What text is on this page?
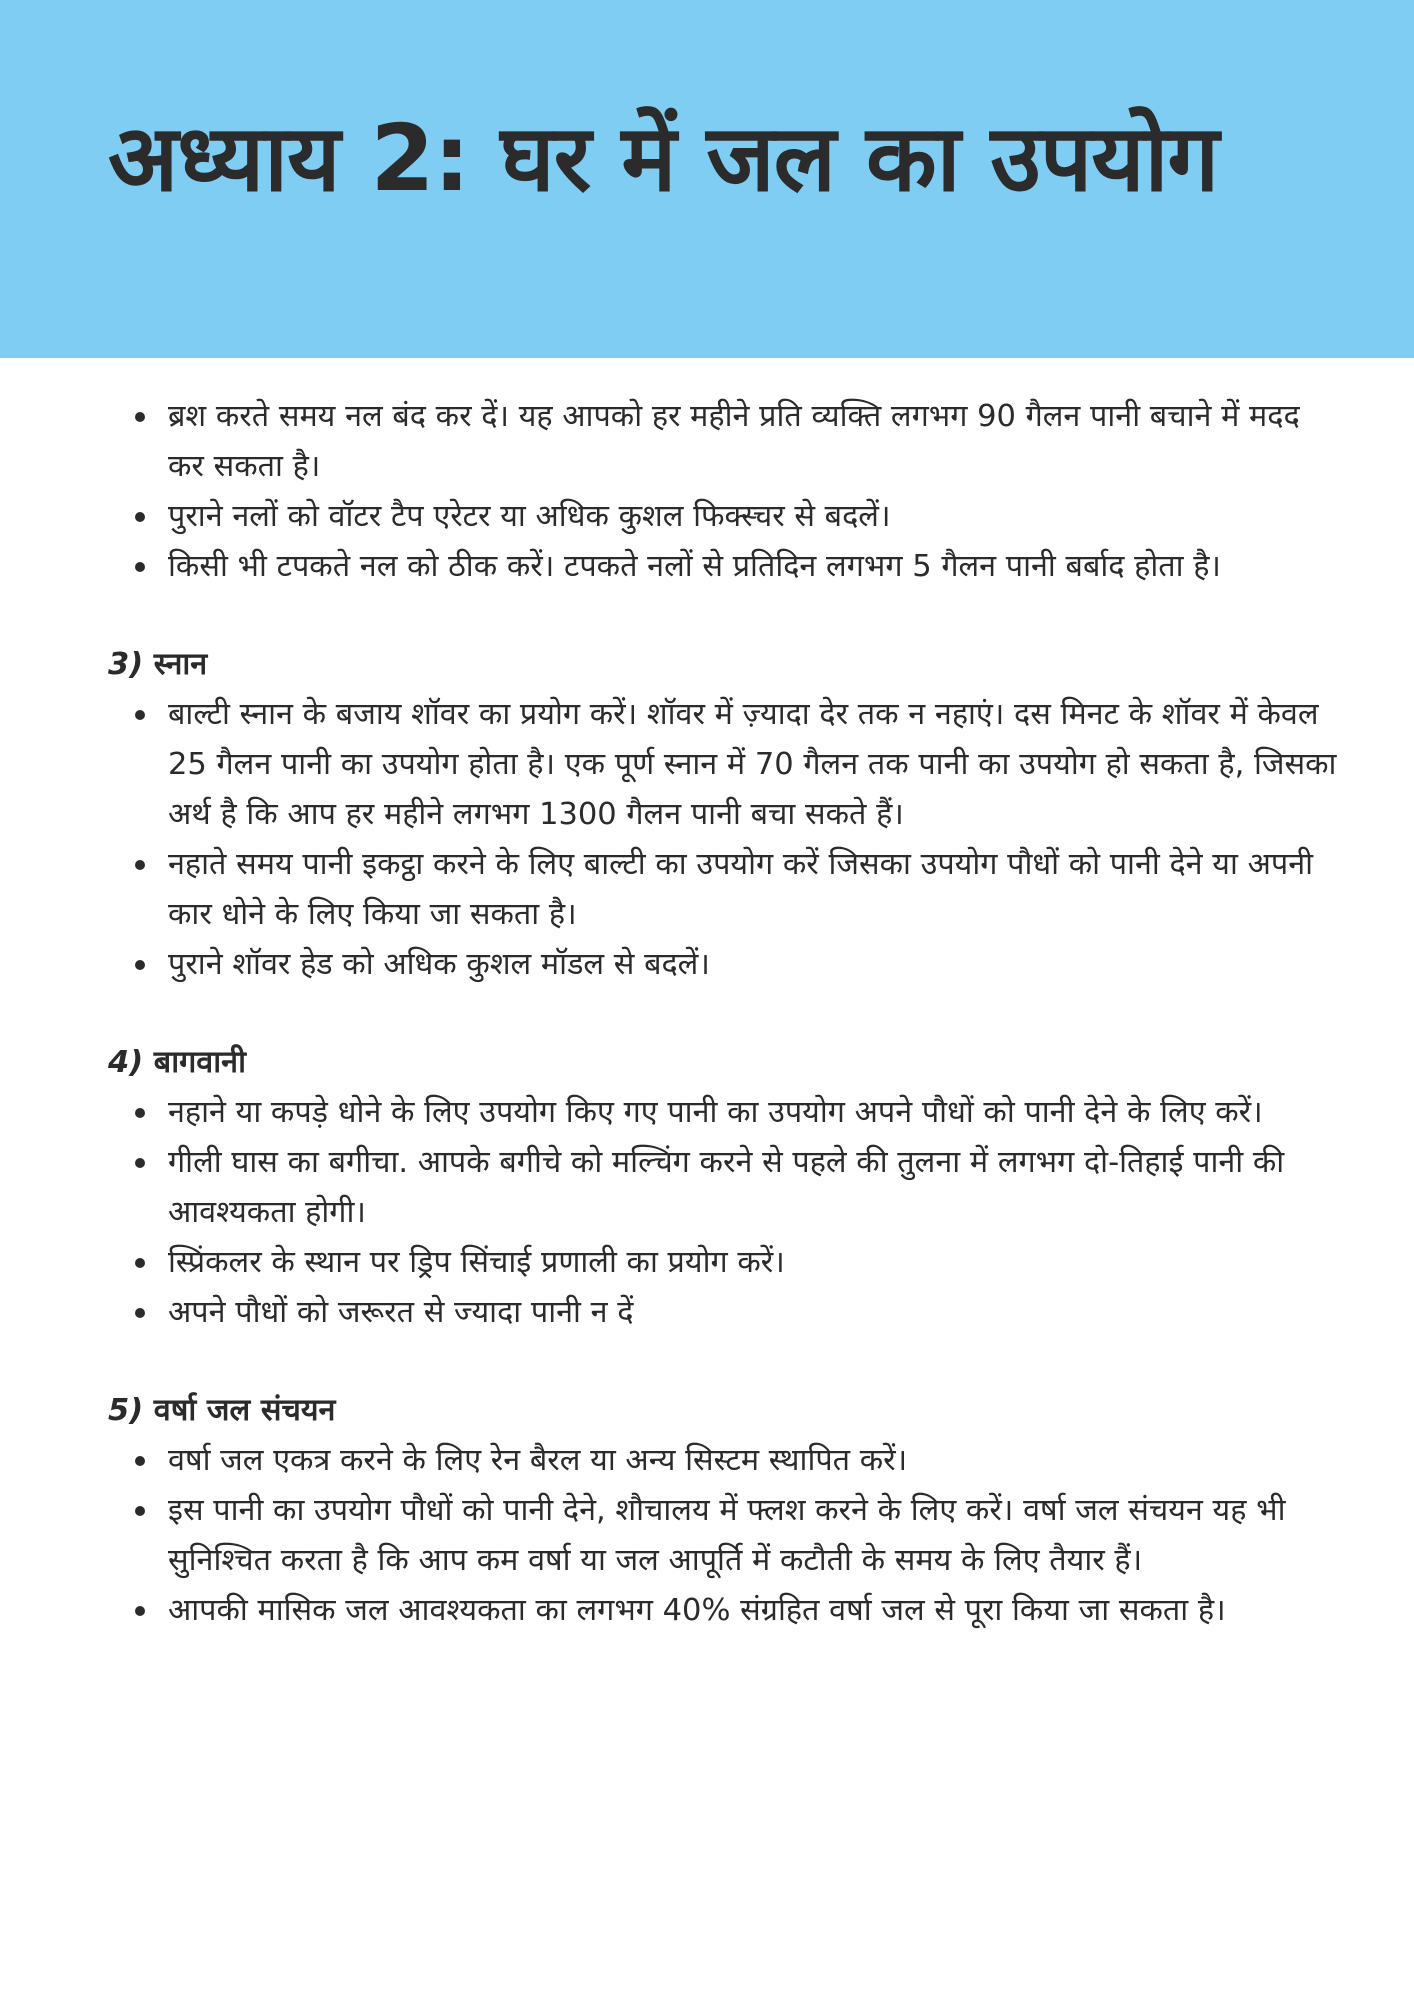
अध्याय 2: घर में जल का उपयोग
ब्रश करते समय नल बंद कर दें। यह आपको हर महीने प्रति व्यक्ति लगभग 90 गैलन पानी बचाने में मदद कर सकता है।
पुराने नलों को वॉटर टैप एरेटर या अधिक कुशल फिक्स्चर से बदलें।
किसी भी टपकते नल को ठीक करें। टपकते नलों से प्रतिदिन लगभग 5 गैलन पानी बर्बाद होता है।
3) स्नान
बाल्टी स्नान के बजाय शॉवर का प्रयोग करें। शॉवर में ज़्यादा देर तक न नहाएं। दस मिनट के शॉवर में केवल 25 गैलन पानी का उपयोग होता है। एक पूर्ण स्नान में 70 गैलन तक पानी का उपयोग हो सकता है, जिसका अर्थ है कि आप हर महीने लगभग 1300 गैलन पानी बचा सकते हैं।
नहाते समय पानी इकट्ठा करने के लिए बाल्टी का उपयोग करें जिसका उपयोग पौधों को पानी देने या अपनी कार धोने के लिए किया जा सकता है।
पुराने शॉवर हेड को अधिक कुशल मॉडल से बदलें।
4) बागवानी
नहाने या कपड़े धोने के लिए उपयोग किए गए पानी का उपयोग अपने पौधों को पानी देने के लिए करें।
गीली घास का बगीचा. आपके बगीचे को मल्चिंग करने से पहले की तुलना में लगभग दो-तिहाई पानी की आवश्यकता होगी।
स्प्रिंकलर के स्थान पर ड्रिप सिंचाई प्रणाली का प्रयोग करें।
अपने पौधों को जरूरत से ज्यादा पानी न दें
5) वर्षा जल संचयन
वर्षा जल एकत्र करने के लिए रेन बैरल या अन्य सिस्टम स्थापित करें।
इस पानी का उपयोग पौधों को पानी देने, शौचालय में फ्लश करने के लिए करें। वर्षा जल संचयन यह भी सुनिश्चित करता है कि आप कम वर्षा या जल आपूर्ति में कटौती के समय के लिए तैयार हैं।
आपकी मासिक जल आवश्यकता का लगभग 40% संग्रहित वर्षा जल से पूरा किया जा सकता है।
